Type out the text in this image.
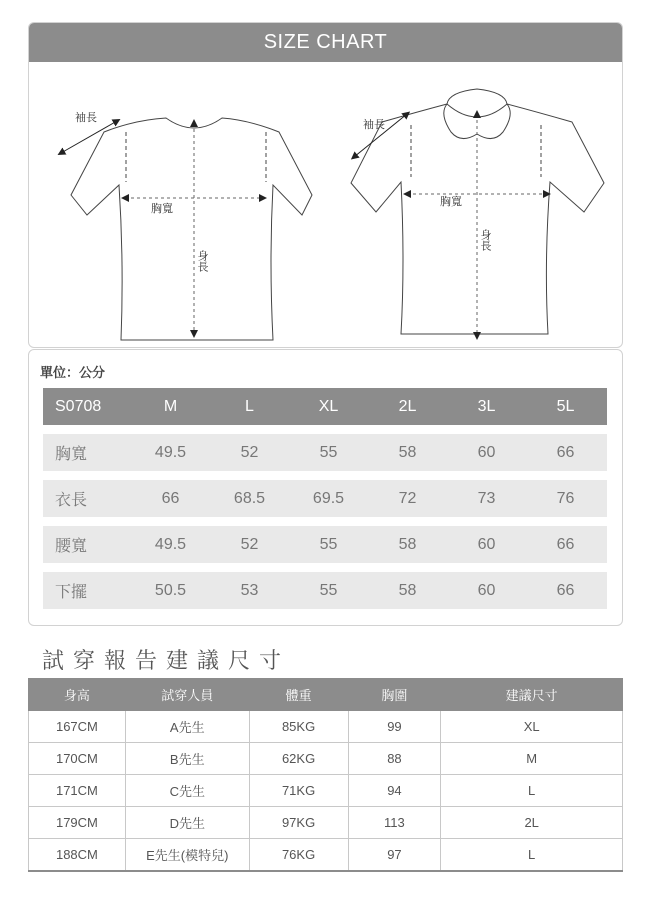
SIZE CHART
袖長
胸寬
身長
袖長
胸寬
身長
單位：公分
S0708	M	L	XL	2L	3L	5L
胸寬	49.5	52	55	58	60	66
衣長	66	68.5	69.5	72	73	76
腰寬	49.5	52	55	58	60	66
下擺	50.5	53	55	58	60	66
試穿報告建議尺寸
身高	試穿人員	體重	胸圍	建議尺寸
167CM	A先生	85KG	99	XL
170CM	B先生	62KG	88	M
171CM	C先生	71KG	94	L
179CM	D先生	97KG	113	2L
188CM	E先生(模特兒)	76KG	97	L
